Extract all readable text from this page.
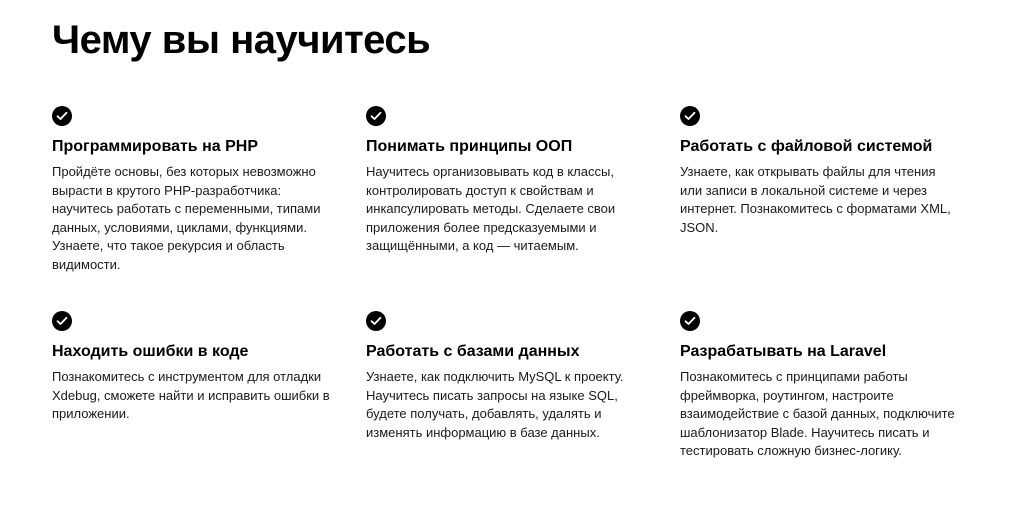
Чему вы научитесь
Программировать на PHP
Пройдёте основы, без которых невозможно вырасти в крутого PHP-разработчика: научитесь работать с переменными, типами данных, условиями, циклами, функциями. Узнаете, что такое рекурсия и область видимости.
Понимать принципы ООП
Научитесь организовывать код в классы, контролировать доступ к свойствам и инкапсулировать методы. Сделаете свои приложения более предсказуемыми и защищёнными, а код — читаемым.
Работать с файловой системой
Узнаете, как открывать файлы для чтения или записи в локальной системе и через интернет. Познакомитесь с форматами XML, JSON.
Находить ошибки в коде
Познакомитесь с инструментом для отладки Xdebug, сможете найти и исправить ошибки в приложении.
Работать с базами данных
Узнаете, как подключить MySQL к проекту. Научитесь писать запросы на языке SQL, будете получать, добавлять, удалять и изменять информацию в базе данных.
Разрабатывать на Laravel
Познакомитесь с принципами работы фреймворка, роутингом, настроите взаимодействие с базой данных, подключите шаблонизатор Blade. Научитесь писать и тестировать сложную бизнес-логику.
